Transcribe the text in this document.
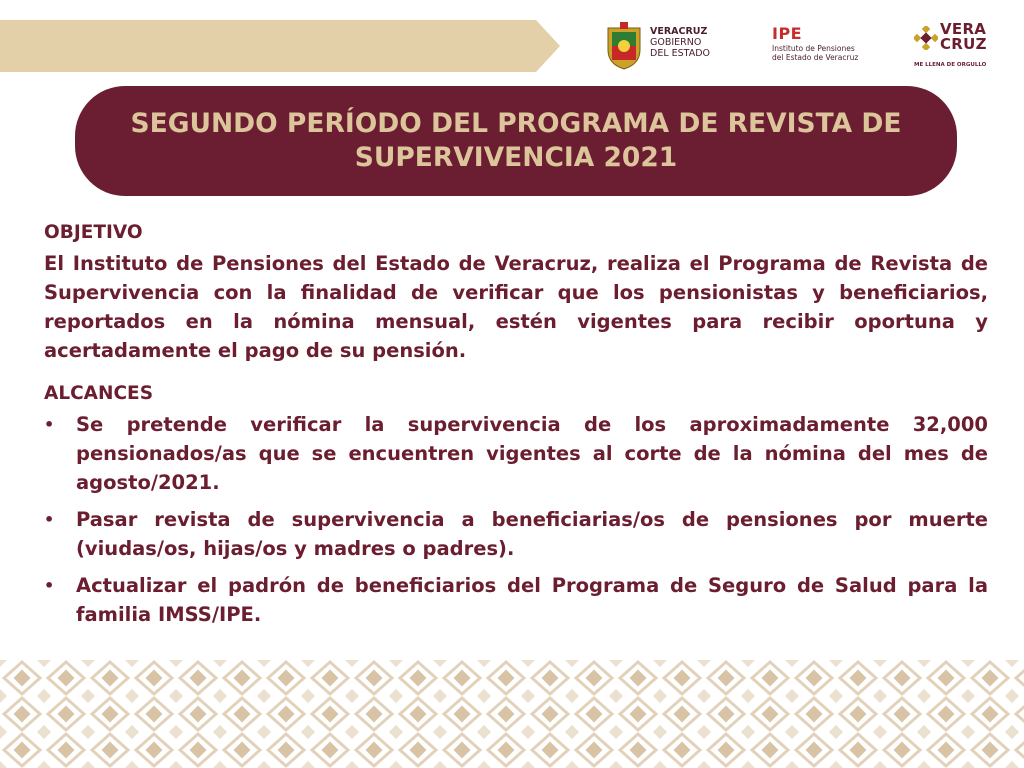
VERACRUZ
GOBIERNO
DEL ESTADO
IPE
Instituto de Pensiones
del Estado de Veracruz
VERA
CRUZ
ME LLENA DE ORGULLO
SEGUNDO PERÍODO DEL PROGRAMA DE REVISTA DE SUPERVIVENCIA 2021
OBJETIVO

El Instituto de Pensiones del Estado de Veracruz, realiza el Programa de Revista de Supervivencia con la finalidad de verificar que los pensionistas y beneficiarios, reportados en la nómina mensual, estén vigentes para recibir oportuna y acertadamente el pago de su pensión.

ALCANCES
• Se pretende verificar la supervivencia de los aproximadamente 32,000 pensionados/as que se encuentren vigentes al corte de la nómina del mes de agosto/2021.
• Pasar revista de supervivencia a beneficiarias/os de pensiones por muerte (viudas/os, hijas/os y madres o padres).
• Actualizar el padrón de beneficiarios del Programa de Seguro de Salud para la familia IMSS/IPE.
